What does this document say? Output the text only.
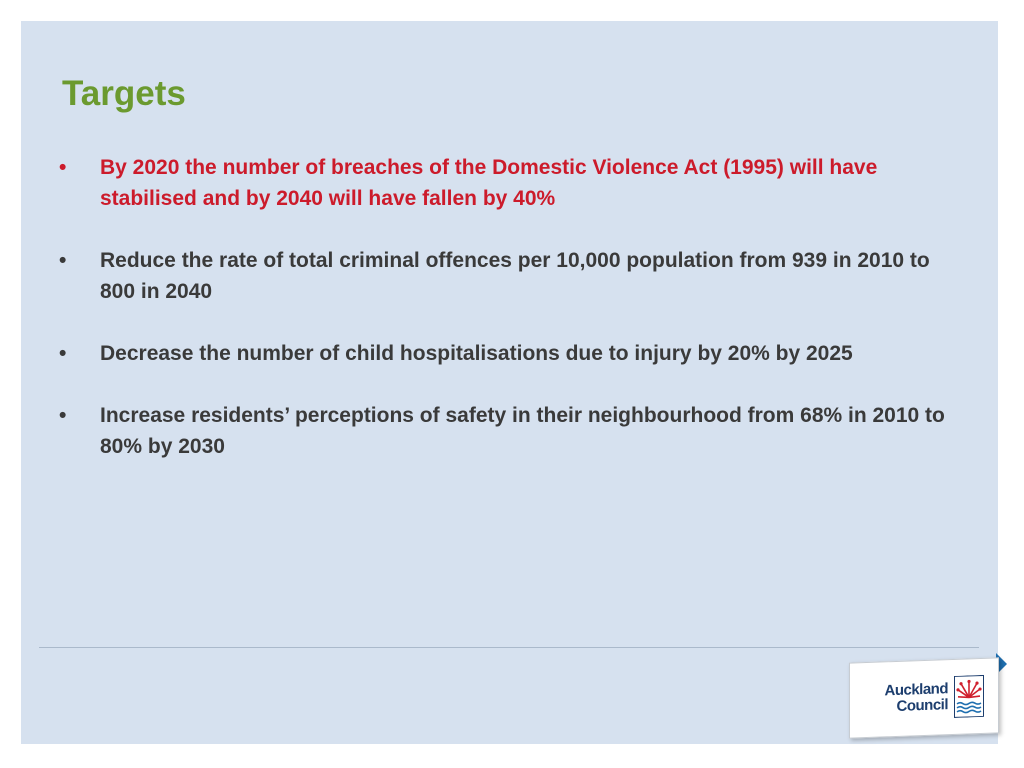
Targets
• By 2020 the number of breaches of the Domestic Violence Act (1995) will have stabilised and by 2040 will have fallen by 40%
• Reduce the rate of total criminal offences per 10,000 population from 939 in 2010 to 800 in 2040
• Decrease the number of child hospitalisations due to injury by 20% by 2025
• Increase residents’ perceptions of safety in their neighbourhood from 68% in 2010 to 80% by 2030
Auckland
Council
